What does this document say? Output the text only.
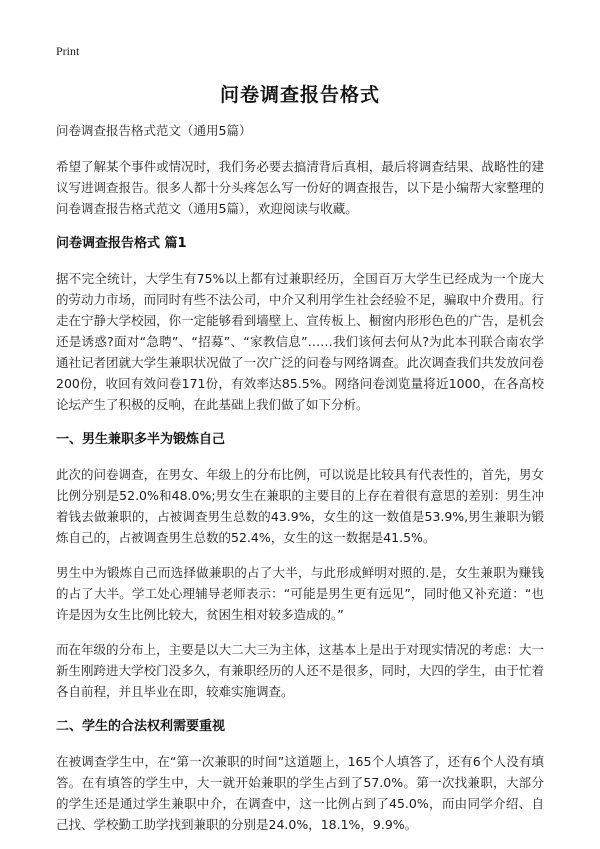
Print
问卷调查报告格式

问卷调查报告格式范文（通用5篇）

希望了解某个事件或情况时，我们务必要去搞清背后真相，最后将调查结果、战略性的建议写进调查报告。很多人都十分头疼怎么写一份好的调查报告，以下是小编帮大家整理的问卷调查报告格式范文（通用5篇），欢迎阅读与收藏。

问卷调查报告格式 篇1

据不完全统计，大学生有75%以上都有过兼职经历，全国百万大学生已经成为一个庞大的劳动力市场，而同时有些不法公司，中介又利用学生社会经验不足，骗取中介费用。行走在宁静大学校园，你一定能够看到墙壁上、宣传板上、橱窗内形形色色的广告，是机会还是诱惑?面对“急聘”、“招募”、“家教信息”……我们该何去何从?为此本刊联合南农学通社记者团就大学生兼职状况做了一次广泛的问卷与网络调查。此次调查我们共发放问卷200份，收回有效问卷171份，有效率达85.5%。网络问卷浏览量将近1000，在各高校论坛产生了积极的反响，在此基础上我们做了如下分析。

一、男生兼职多半为锻炼自己

此次的问卷调查，在男女、年级上的分布比例，可以说是比较具有代表性的，首先，男女比例分别是52.0%和48.0%;男女生在兼职的主要目的上存在着很有意思的差别：男生冲着钱去做兼职的，占被调查男生总数的43.9%，女生的这一数值是53.9%,男生兼职为锻炼自己的，占被调查男生总数的52.4%，女生的这一数据是41.5%。

男生中为锻炼自己而选择做兼职的占了大半，与此形成鲜明对照的.是，女生兼职为赚钱的占了大半。学工处心理辅导老师表示：“可能是男生更有远见”，同时他又补充道：“也许是因为女生比例比较大，贫困生相对较多造成的。”

而在年级的分布上，主要是以大二大三为主体，这基本上是出于对现实情况的考虑：大一新生刚跨进大学校门没多久，有兼职经历的人还不是很多，同时，大四的学生，由于忙着各自前程，并且毕业在即，较难实施调查。

二、学生的合法权利需要重视

在被调查学生中，在“第一次兼职的时间”这道题上，165个人填答了，还有6个人没有填答。在有填答的学生中，大一就开始兼职的学生占到了57.0%。第一次找兼职，大部分的学生还是通过学生兼职中介，在调查中，这一比例占到了45.0%，而由同学介绍、自己找、学校勤工助学找到兼职的分别是24.0%，18.1%，9.9%。
